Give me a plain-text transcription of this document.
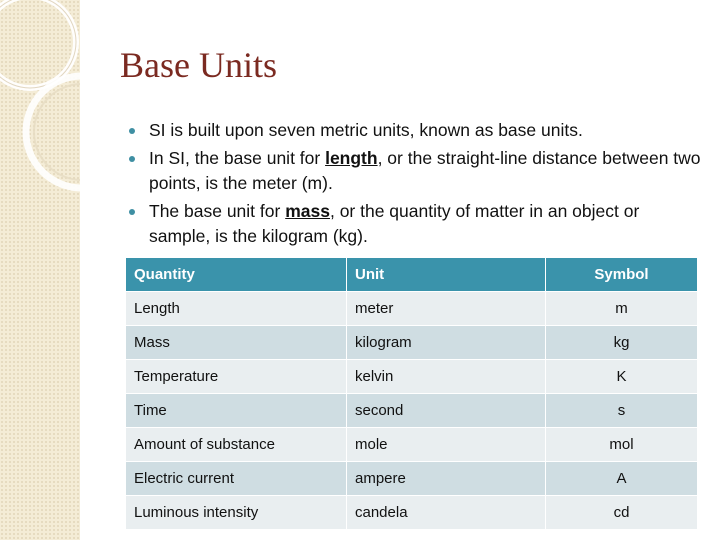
Base Units
SI is built upon seven metric units, known as base units.
In SI, the base unit for length, or the straight-line distance between two points, is the meter (m).
The base unit for mass, or the quantity of matter in an object or sample, is the kilogram (kg).
Quantity	Unit	Symbol
Length	meter	m
Mass	kilogram	kg
Temperature	kelvin	K
Time	second	s
Amount of substance	mole	mol
Electric current	ampere	A
Luminous intensity	candela	cd
